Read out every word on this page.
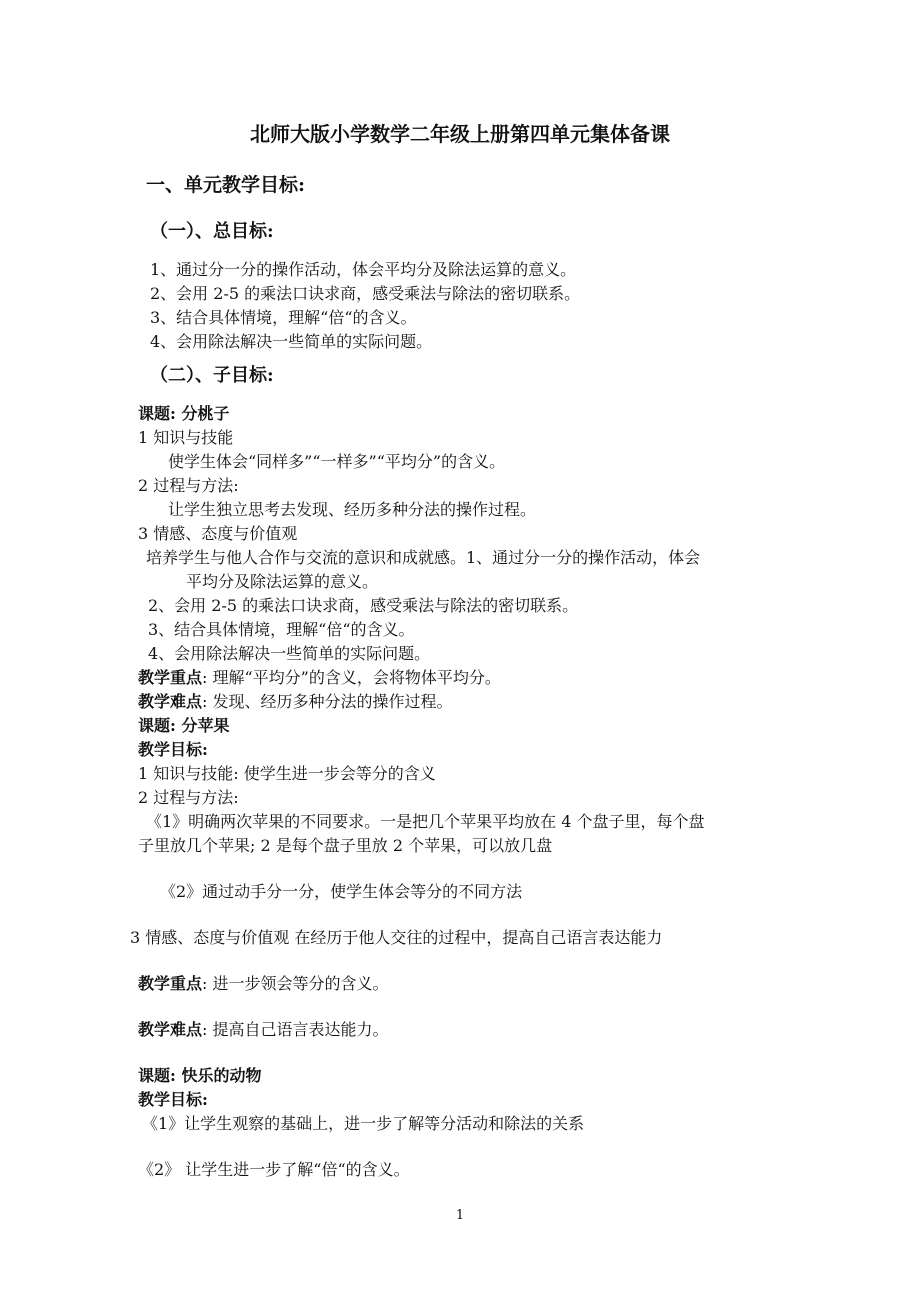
北师大版小学数学二年级上册第四单元集体备课
一、单元教学目标:
（一）、总目标:
1、通过分一分的操作活动，体会平均分及除法运算的意义。
2、会用 2-5 的乘法口诀求商，感受乘法与除法的密切联系。
3、结合具体情境，理解“倍“的含义。
4、会用除法解决一些简单的实际问题。
（二）、子目标:
课题: 分桃子
1 知识与技能
使学生体会“同样多”“一样多”“平均分”的含义。
2 过程与方法:
让学生独立思考去发现、经历多种分法的操作过程。
3 情感、态度与价值观
培养学生与他人合作与交流的意识和成就感。1、通过分一分的操作活动，体会
平均分及除法运算的意义。
2、会用 2-5 的乘法口诀求商，感受乘法与除法的密切联系。
3、结合具体情境，理解“倍“的含义。
4、会用除法解决一些简单的实际问题。
教学重点: 理解“平均分”的含义，会将物体平均分。
教学难点: 发现、经历多种分法的操作过程。
课题: 分苹果
教学目标:
1 知识与技能: 使学生进一步会等分的含义
2 过程与方法:
《1》明确两次苹果的不同要求。一是把几个苹果平均放在 4 个盘子里，每个盘
子里放几个苹果; 2 是每个盘子里放 2 个苹果，可以放几盘
《2》通过动手分一分，使学生体会等分的不同方法
3 情感、态度与价值观 在经历于他人交往的过程中，提高自己语言表达能力
教学重点: 进一步领会等分的含义。
教学难点: 提高自己语言表达能力。
课题: 快乐的动物
教学目标:
《1》让学生观察的基础上，进一步了解等分活动和除法的关系
《2》 让学生进一步了解“倍“的含义。
1
